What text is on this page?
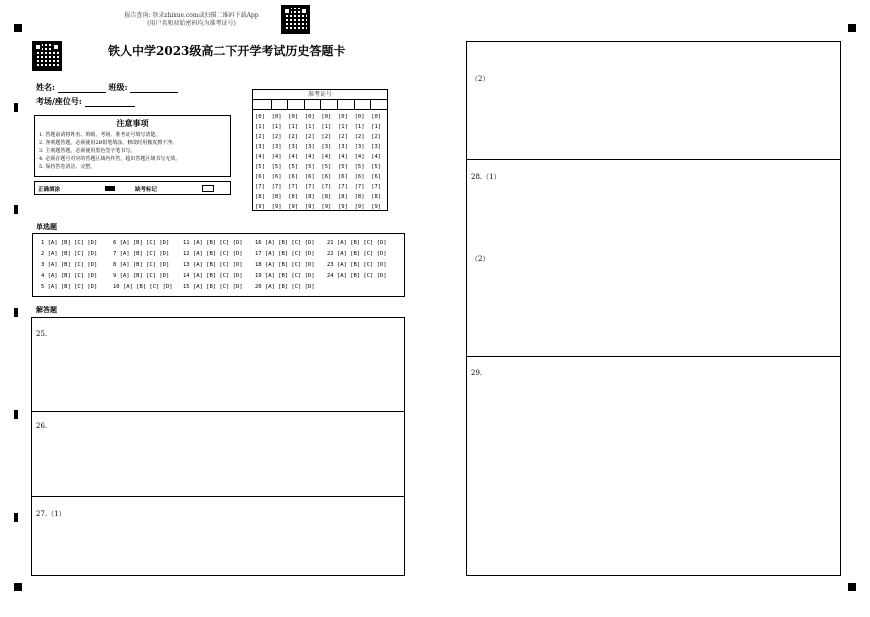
报告查询: 登录zhixue.com或扫描二维码下载App
(用户名和初始密码均为准考证号)
铁人中学2023级高二下开学考试历史答题卡
姓名:	班级:
考场/座位号:
注意事项
1. 答题前请将姓名、班级、考场、准考证号填写清楚。
2. 客观题答题，必须使用2B铅笔填涂，修改时用橡皮擦干净。
3. 主观题答题，必须使用黑色签字笔书写。
4. 必须在题号对应的答题区域内作答，超出答题区域书写无效。
5. 保持答卷清洁、完整。
正确填涂	缺考标记
准考证号
[0]
[1]
[2]
[3]
[4]
[5]
[6]
[7]
[8]
[9]
[0]
[1]
[2]
[3]
[4]
[5]
[6]
[7]
[8]
[9]
[0]
[1]
[2]
[3]
[4]
[5]
[6]
[7]
[8]
[9]
[0]
[1]
[2]
[3]
[4]
[5]
[6]
[7]
[8]
[9]
[0]
[1]
[2]
[3]
[4]
[5]
[6]
[7]
[8]
[9]
[0]
[1]
[2]
[3]
[4]
[5]
[6]
[7]
[8]
[9]
[0]
[1]
[2]
[3]
[4]
[5]
[6]
[7]
[8]
[9]
[0]
[1]
[2]
[3]
[4]
[5]
[6]
[7]
[8]
[9]
单选题
1 [A] [B] [C] [D]
2 [A] [B] [C] [D]
3 [A] [B] [C] [D]
4 [A] [B] [C] [D]
5 [A] [B] [C] [D]
6 [A] [B] [C] [D]
7 [A] [B] [C] [D]
8 [A] [B] [C] [D]
9 [A] [B] [C] [D]
10 [A] [B] [C] [D]
11 [A] [B] [C] [D]
12 [A] [B] [C] [D]
13 [A] [B] [C] [D]
14 [A] [B] [C] [D]
15 [A] [B] [C] [D]
16 [A] [B] [C] [D]
17 [A] [B] [C] [D]
18 [A] [B] [C] [D]
19 [A] [B] [C] [D]
20 [A] [B] [C] [D]
21 [A] [B] [C] [D]
22 [A] [B] [C] [D]
23 [A] [B] [C] [D]
24 [A] [B] [C] [D]
解答题
25.
26.
27.（1）
（2）
28.（1）
（2）
29.
